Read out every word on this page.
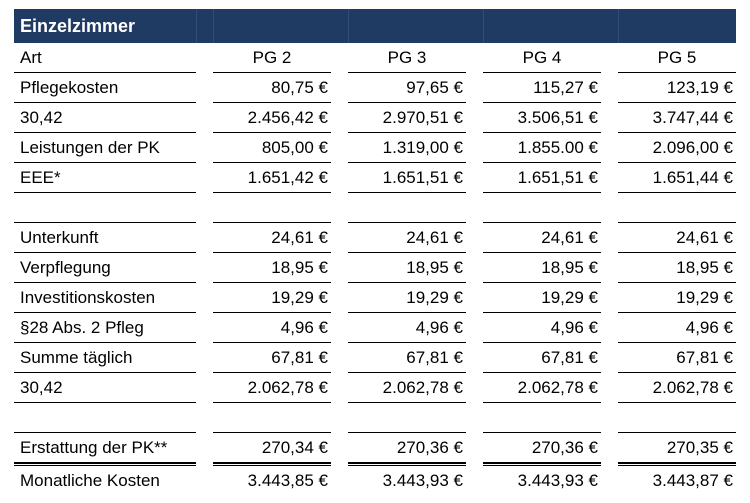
Einzelzimmer
Art		PG 2		PG 3		PG 4		PG 5
Pflegekosten		80,75 €		97,65 €		115,27 €		123,19 €
30,42		2.456,42 €		2.970,51 €		3.506,51 €		3.747,44 €
Leistungen der PK		805,00 €		1.319,00 €		1.855.00 €		2.096,00 €
EEE*		1.651,42 €		1.651,51 €		1.651,51 €		1.651,44 €

Unterkunft		24,61 €		24,61 €		24,61 €		24,61 €
Verpflegung		18,95 €		18,95 €		18,95 €		18,95 €
Investitionskosten		19,29 €		19,29 €		19,29 €		19,29 €
§28 Abs. 2 Pfleg		4,96 €		4,96 €		4,96 €		4,96 €
Summe täglich		67,81 €		67,81 €		67,81 €		67,81 €
30,42		2.062,78 €		2.062,78 €		2.062,78 €		2.062,78 €

Erstattung der PK**		270,34 €		270,36 €		270,36 €		270,35 €
Monatliche Kosten		3.443,85 €		3.443,93 €		3.443,93 €		3.443,87 €
